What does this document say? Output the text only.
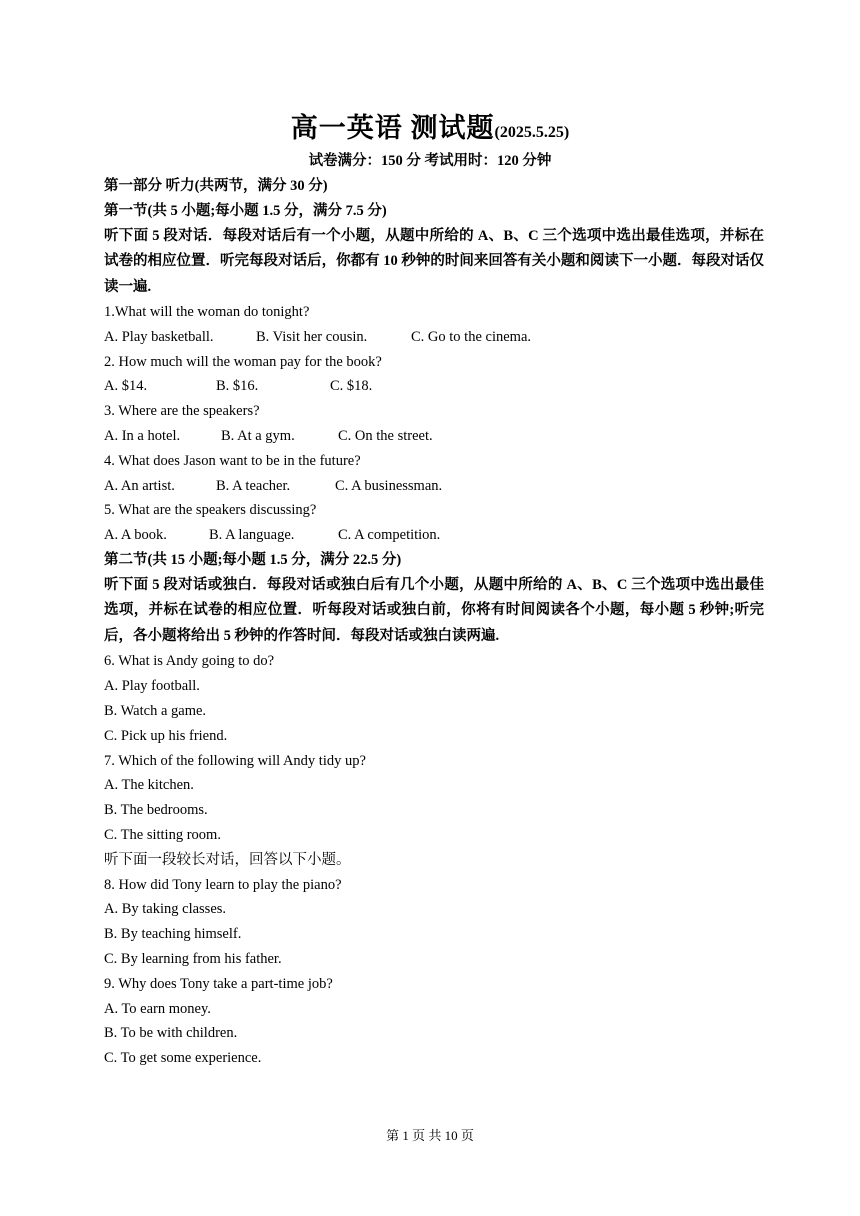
高一英语 测试题(2025.5.25)
试卷满分：150 分 考试用时：120 分钟
第一部分 听力(共两节，满分 30 分)
第一节(共 5 小题;每小题 1.5 分，满分 7.5 分)
听下面 5 段对话．每段对话后有一个小题，从题中所给的 A、B、C 三个选项中选出最佳选项，并标在试卷的相应位置．听完每段对话后，你都有 10 秒钟的时间来回答有关小题和阅读下一小题．每段对话仅读一遍.
1.What will the woman do tonight?
A. Play basketball.	B. Visit her cousin.	C. Go to the cinema.
2. How much will the woman pay for the book?
A. $14.	B. $16.	C. $18.
3. Where are the speakers?
A. In a hotel.	B. At a gym.	C. On the street.
4. What does Jason want to be in the future?
A. An artist.	B. A teacher.	C. A businessman.
5. What are the speakers discussing?
A. A book.	B. A language.	C. A competition.
第二节(共 15 小题;每小题 1.5 分，满分 22.5 分)
听下面 5 段对话或独白．每段对话或独白后有几个小题，从题中所给的 A、B、C 三个选项中选出最佳选项，并标在试卷的相应位置．听每段对话或独白前，你将有时间阅读各个小题，每小题 5 秒钟;听完后，各小题将给出 5 秒钟的作答时间．每段对话或独白读两遍.
6. What is Andy going to do?
A. Play football.
B. Watch a game.
C. Pick up his friend.
7. Which of the following will Andy tidy up?
A. The kitchen.
B. The bedrooms.
C. The sitting room.
听下面一段较长对话，回答以下小题。
8. How did Tony learn to play the piano?
A. By taking classes.
B. By teaching himself.
C. By learning from his father.
9. Why does Tony take a part-time job?
A. To earn money.
B. To be with children.
C. To get some experience.
第 1 页 共 10 页
